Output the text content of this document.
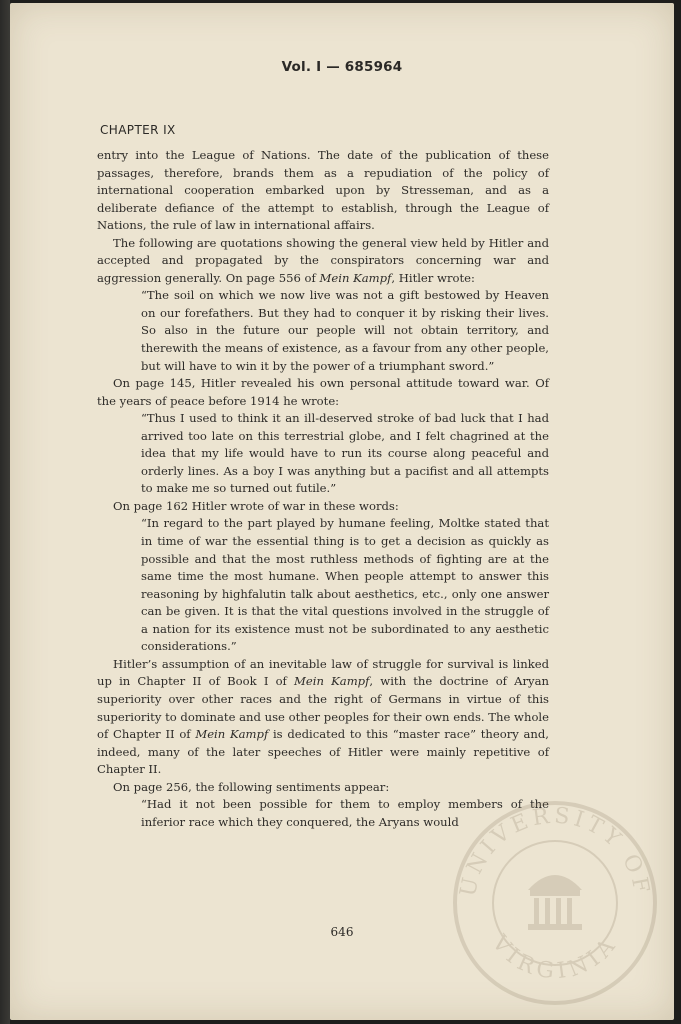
Vol. I — 685964
CHAPTER IX

entry into the League of Nations. The date of the publication of these passages, therefore, brands them as a repudiation of the policy of international cooperation embarked upon by Stresseman, and as a deliberate defiance of the attempt to establish, through the League of Nations, the rule of law in international affairs.

The following are quotations showing the general view held by Hitler and accepted and propagated by the conspirators concerning war and aggression generally. On page 556 of Mein Kampf, Hitler wrote:

“The soil on which we now live was not a gift bestowed by Heaven on our forefathers. But they had to conquer it by risking their lives. So also in the future our people will not obtain territory, and therewith the means of existence, as a favour from any other people, but will have to win it by the power of a triumphant sword.”

On page 145, Hitler revealed his own personal attitude toward war. Of the years of peace before 1914 he wrote:

“Thus I used to think it an ill-deserved stroke of bad luck that I had arrived too late on this terrestrial globe, and I felt chagrined at the idea that my life would have to run its course along peaceful and orderly lines. As a boy I was anything but a pacifist and all attempts to make me so turned out futile.”

On page 162 Hitler wrote of war in these words:

“In regard to the part played by humane feeling, Moltke stated that in time of war the essential thing is to get a decision as quickly as possible and that the most ruthless methods of fighting are at the same time the most humane. When people attempt to answer this reasoning by highfalutin talk about aesthetics, etc., only one answer can be given. It is that the vital questions involved in the struggle of a nation for its existence must not be subordinated to any aesthetic considerations.”

Hitler’s assumption of an inevitable law of struggle for survival is linked up in Chapter II of Book I of Mein Kampf, with the doctrine of Aryan superiority over other races and the right of Germans in virtue of this superiority to dominate and use other peoples for their own ends. The whole of Chapter II of Mein Kampf is dedicated to this “master race” theory and, indeed, many of the later speeches of Hitler were mainly repetitive of Chapter II.

On page 256, the following sentiments appear:

“Had it not been possible for them to employ members of the inferior race which they conquered, the Aryans would

646
UNIVERSITY OF
VIRGINIA
